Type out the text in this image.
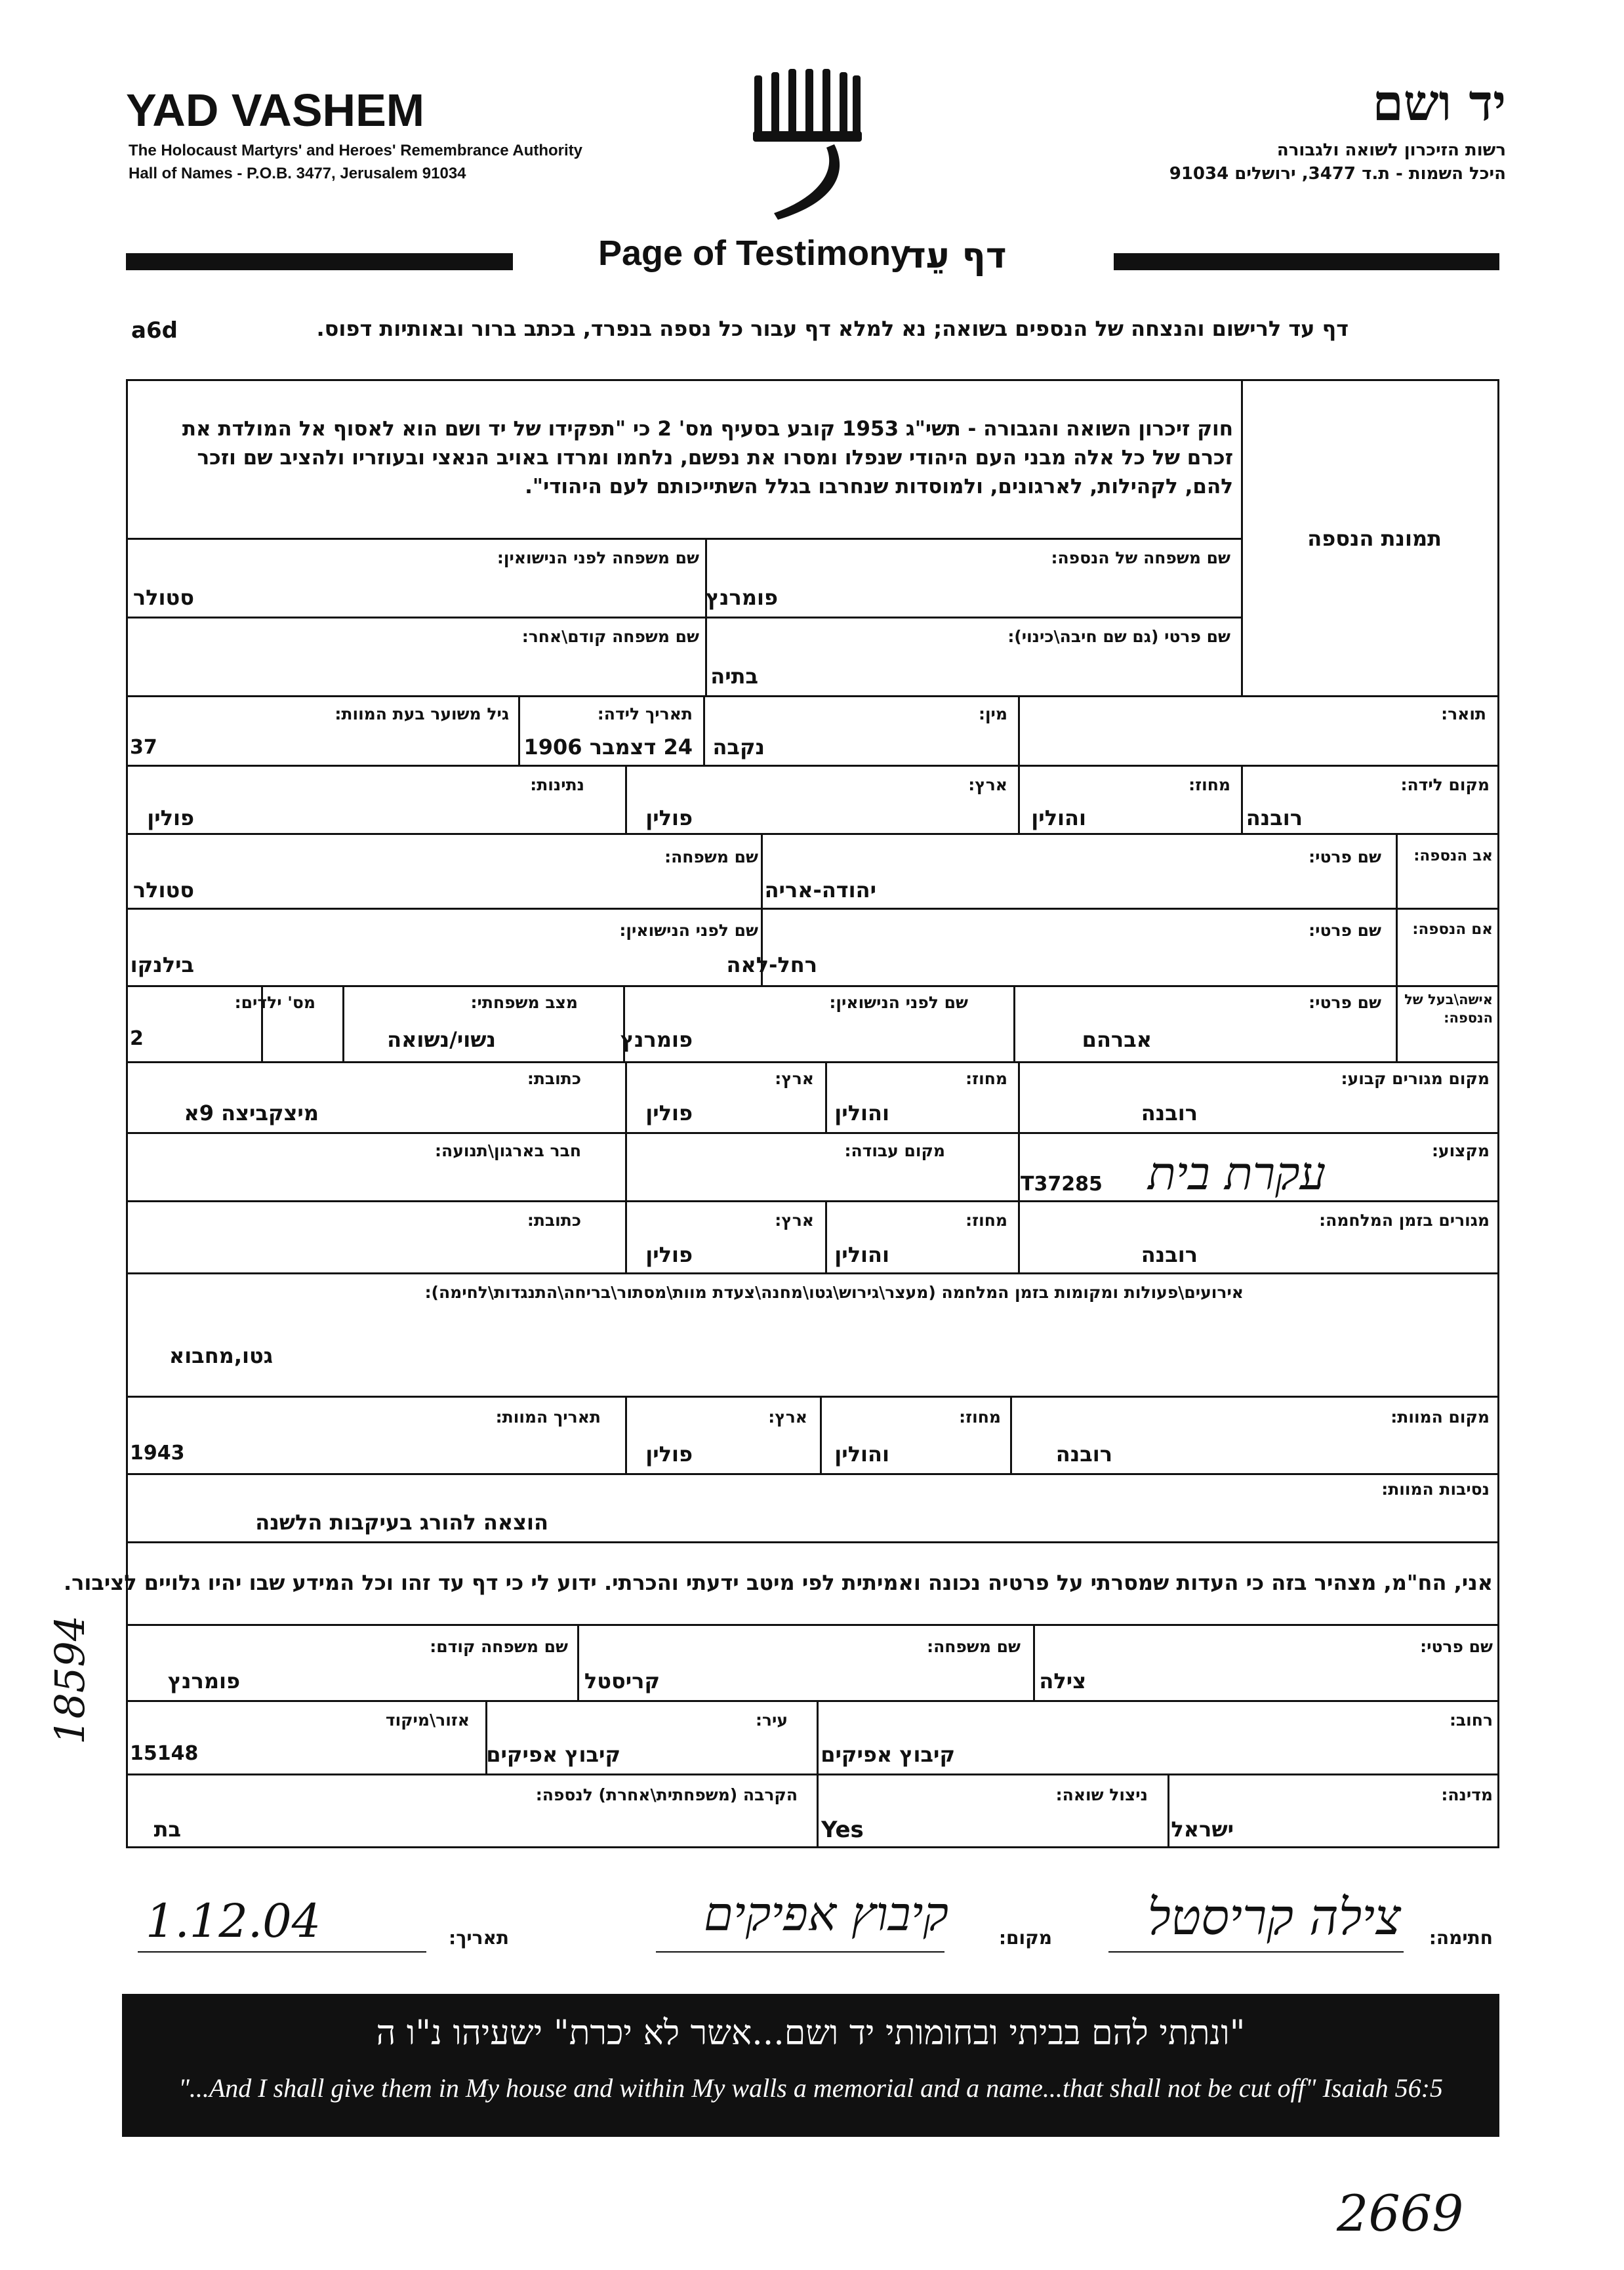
YAD VASHEM
The Holocaust Martyrs' and Heroes' Remembrance Authority
Hall of Names - P.O.B. 3477, Jerusalem 91034
יד ושם
רשות הזיכרון לשואה ולגבורה
היכל השמות - ת.ד 3477, ירושלים 91034
Page of Testimony
דף עֵד
a6d	דף עד לרישום והנצחה של הנספים בשואה; נא למלא דף עבור כל נספה בנפרד, בכתב ברור ובאותיות דפוס.
תמונת הנספה
חוק זיכרון השואה והגבורה - תשי"ג 1953 קובע בסעיף מס' 2 כי "תפקידו של יד ושם הוא לאסוף אל המולדת את זכרם של כל אלה מבני העם היהודי שנפלו ומסרו את נפשם, נלחמו ומרדו באויב הנאצי ובעוזריו ולהציב שם וזכר להם, לקהילות, לארגונים, ולמוסדות שנחרבו בגלל השתייכותם לעם היהודי".
שם משפחה של הנספה:
פומרנץ
שם משפחה לפני הנישואין:
סטולר
שם פרטי (גם שם חיבה\כינוי):
בתיה
שם משפחה קודם\אחר:
תואר:
מין:
נקבה
תאריך לידה:
24 דצמבר 1906
גיל משוער בעת המוות:
37
מקום לידה:
רובנה
מחוז:
והולין
ארץ:
פולין
נתינות:
פולין
אב הנספה:
שם פרטי:
יהודה-אריה
שם משפחה:
סטולר
אם הנספה:
שם פרטי:
רחל-לאה
שם לפני הנישואין:
בילנקו
אישה\בעל של הנספה:
שם פרטי:
אברהם
שם לפני הנישואין:
פומרנץ
מצב משפחתי:
נשוי/נשואה
מס' ילדים:
2
מקום מגורים קבוע:
רובנה
מחוז:
והולין
ארץ:
פולין
כתובת:
מיצקביצה 9א
מקצוע:
T37285 עקרת בית
מקום עבודה:
חבר בארגון\תנועה:
מגורים בזמן המלחמה:
רובנה
מחוז:
והולין
ארץ:
פולין
כתובת:
אירועים\פעולות ומקומות בזמן המלחמה (מעצר\גירוש\גטו\מחנה\צעדת מוות\מסתור\בריחה\התנגדות\לחימה):
גטו,מחבוא
מקום המוות:
רובנה
מחוז:
והולין
ארץ:
פולין
תאריך המוות:
1943
נסיבות המוות:
הוצאה להורג בעיקבות הלשנה
אני, הח"מ, מצהיר בזה כי העדות שמסרתי על פרטיה נכונה ואמיתית לפי מיטב ידעתי והכרתי. ידוע לי כי דף עד זהו וכל המידע שבו יהיו גלויים לציבור.
שם פרטי:
צילה
שם משפחה:
קריסטל
שם משפחה קודם:
פומרנץ
רחוב:
קיבוץ אפיקים
עיר:
קיבוץ אפיקים
אזור\מיקוד
15148
מדינה:
ישראל
ניצול שואה:
Yes
הקרבה (משפחתית\אחרת) לנספה:
בת
18594
חתימה:
צילה קריסטל
מקום:
קיבוץ אפיקים
תאריך:
1.12.04
"ונתתי להם בביתי ובחומותי יד ושם...אשר לא יכרת" ישעיהו נ"ו ה
"...And I shall give them in My house and within My walls a memorial and a name...that shall not be cut off" Isaiah 56:5
2669
